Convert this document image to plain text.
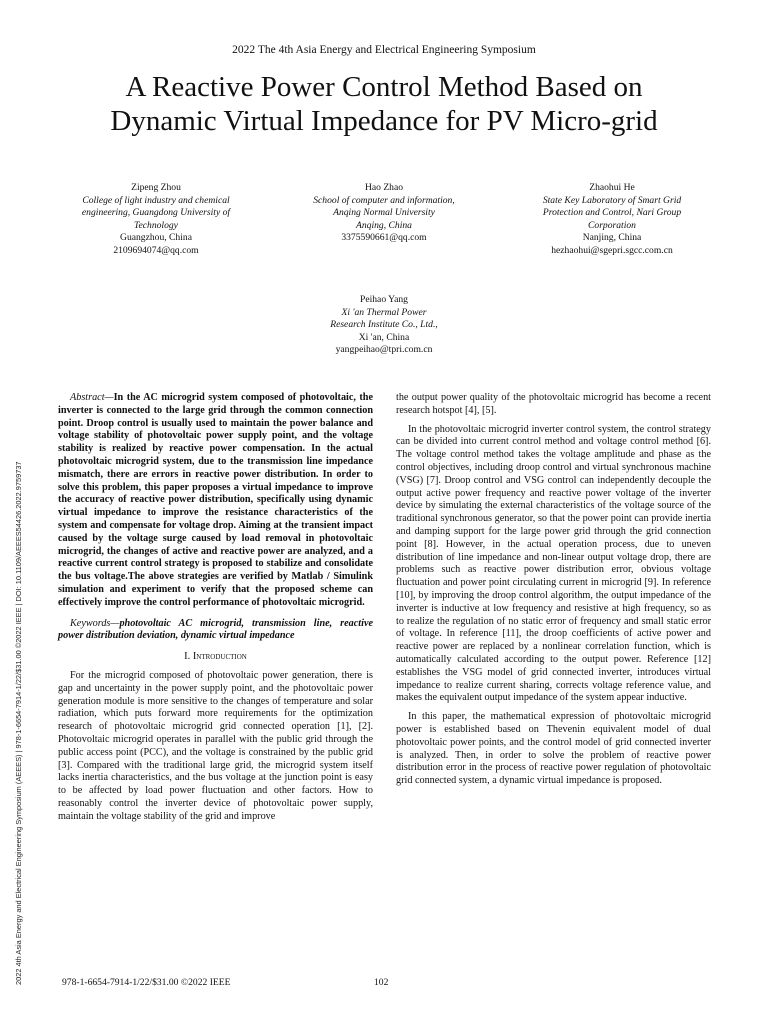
2022 The 4th Asia Energy and Electrical Engineering Symposium
A Reactive Power Control Method Based on
Dynamic Virtual Impedance for PV Micro-grid
Zipeng Zhou
College of light industry and chemical
engineering, Guangdong University of
Technology
Guangzhou, China
2109694074@qq.com
Hao Zhao
School of computer and information,
Anqing Normal University
Anqing, China
3375590661@qq.com
Zhaohui He
State Key Laboratory of Smart Grid
Protection and Control, Nari Group
Corporation
Nanjing, China
hezhaohui@sgepri.sgcc.com.cn
Peihao Yang
Xi 'an Thermal Power
Research Institute Co., Ltd.,
Xi 'an, China
yangpeihao@tpri.com.cn
2022 4th Asia Energy and Electrical Engineering Symposium (AEEES) | 978-1-6654-7914-1/22/$31.00 ©2022 IEEE | DOI: 10.1109/AEEES54426.2022.9759737

Abstract—In the AC microgrid system composed of photovoltaic, the inverter is connected to the large grid through the common connection point. Droop control is usually used to maintain the power balance and voltage stability of photovoltaic power supply point, and the voltage stability is realized by reactive power compensation. In the actual photovoltaic microgrid system, due to the transmission line impedance mismatch, there are errors in reactive power distribution. In order to solve this problem, this paper proposes a virtual impedance to improve the accuracy of reactive power distribution, specifically using dynamic virtual impedance to improve the resistance characteristics of the system and compensate for voltage drop. Aiming at the transient impact caused by the voltage surge caused by load removal in photovoltaic microgrid, the changes of active and reactive power are analyzed, and a reactive current control strategy is proposed to stabilize and consolidate the bus voltage.The above strategies are verified by Matlab / Simulink simulation and experiment to verify that the proposed scheme can effectively improve the control performance of photovoltaic microgrid.

Keywords—photovoltaic AC microgrid, transmission line, reactive power distribution deviation, dynamic virtual impedance

I. Introduction

For the microgrid composed of photovoltaic power generation, there is gap and uncertainty in the power supply point, and the photovoltaic power generation module is more sensitive to the changes of temperature and solar radiation, which puts forward more requirements for the optimization research of photovoltaic microgrid grid connected operation [1], [2]. Photovoltaic microgrid operates in parallel with the public grid through the public access point (PCC), and the voltage is constrained by the public grid [3]. Compared with the traditional large grid, the microgrid system itself lacks inertia characteristics, and the bus voltage at the junction point is easy to be affected by load power fluctuation and other factors. How to reasonably control the inverter device of photovoltaic power supply, maintain the voltage stability of the grid and improve

the output power quality of the photovoltaic microgrid has become a recent research hotspot [4], [5].

In the photovoltaic microgrid inverter control system, the control strategy can be divided into current control method and voltage control method [6]. The voltage control method takes the voltage amplitude and phase as the control objectives, including droop control and virtual synchronous machine (VSG) [7]. Droop control and VSG control can independently decouple the output active power frequency and reactive power voltage of the inverter device by simulating the external characteristics of the voltage source of the traditional synchronous generator, so that the power point can provide inertia and damping support for the large power grid through the grid connection point [8]. However, in the actual operation process, due to uneven distribution of line impedance and non-linear output voltage drop, there are problems such as reactive power distribution error, obvious voltage fluctuation and power point circulating current in microgrid [9]. In reference [10], by improving the droop control algorithm, the output impedance of the inverter is inductive at low frequency and resistive at high frequency, so as to realize the regulation of no static error of frequency and small static error of voltage. In reference [11], the droop coefficients of active power and reactive power are replaced by a nonlinear correlation function, which is automatically calculated according to the output power. Reference [12] establishes the VSG model of grid connected inverter, introduces virtual impedance to realize current sharing, corrects voltage reference value, and makes the equivalent output impedance of the system appear inductive.

In this paper, the mathematical expression of photovoltaic microgrid power is established based on Thevenin equivalent model of dual photovoltaic power points, and the control model of grid connected inverter is analyzed. Then, in order to solve the problem of reactive power distribution error in the process of reactive power regulation of photovoltaic grid connected system, a dynamic virtual impedance is proposed.

978-1-6654-7914-1/22/$31.00 ©2022 IEEE	102
